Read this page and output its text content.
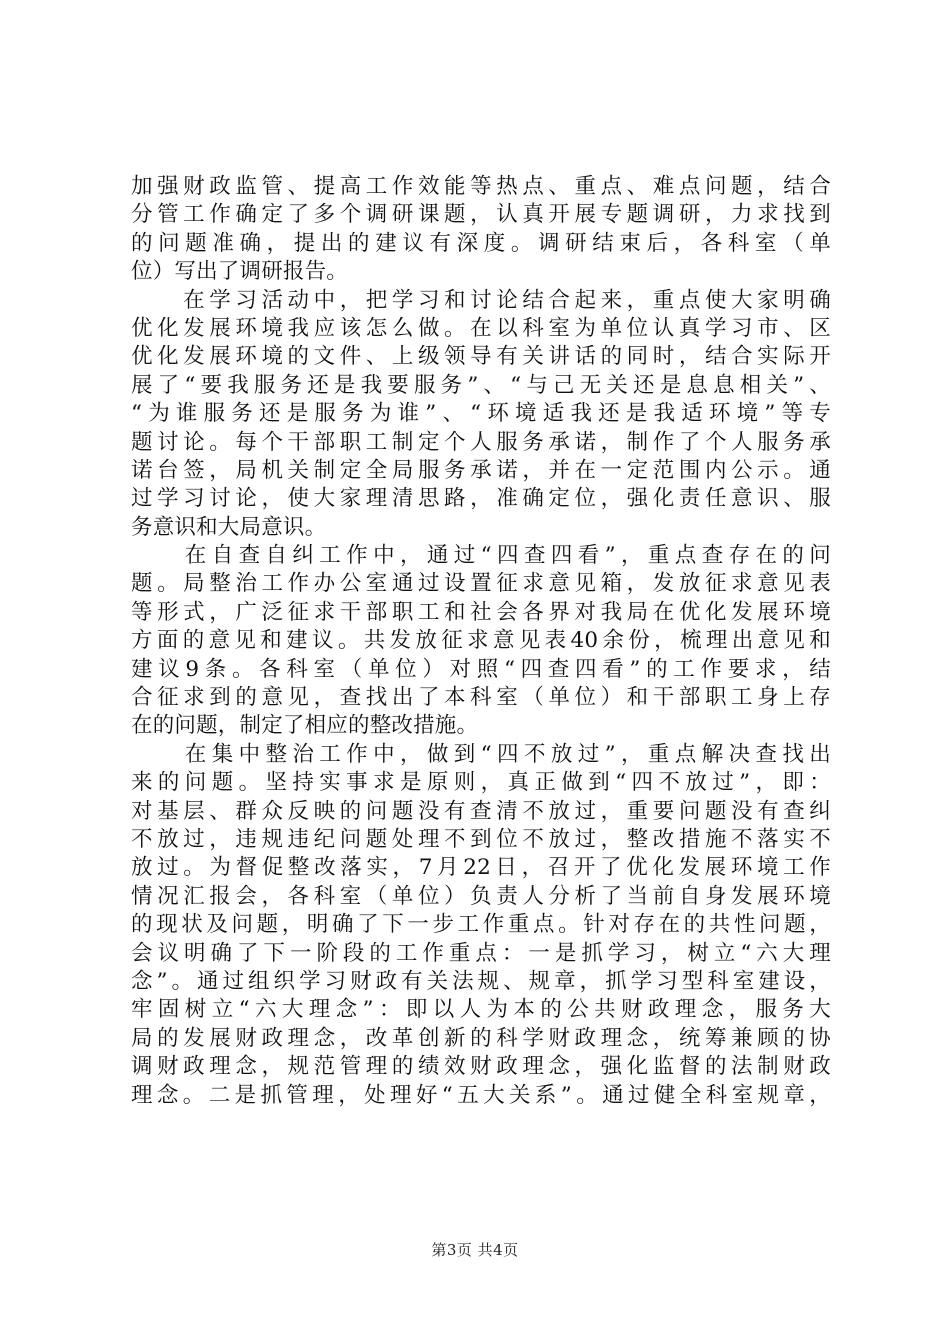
加强财政监管、提高工作效能等热点、重点、难点问题，结合
分管工作确定了多个调研课题，认真开展专题调研，力求找到
的问题准确，提出的建议有深度。调研结束后，各科室（单
位）写出了调研报告。
　　在学习活动中，把学习和讨论结合起来，重点使大家明确
优化发展环境我应该怎么做。在以科室为单位认真学习市、区
优化发展环境的文件、上级领导有关讲话的同时，结合实际开
展了“要我服务还是我要服务”、“与己无关还是息息相关”、
“为谁服务还是服务为谁”、“环境适我还是我适环境”等专
题讨论。每个干部职工制定个人服务承诺，制作了个人服务承
诺台签，局机关制定全局服务承诺，并在一定范围内公示。通
过学习讨论，使大家理清思路，准确定位，强化责任意识、服
务意识和大局意识。
　　在自查自纠工作中，通过“四查四看”，重点查存在的问
题。局整治工作办公室通过设置征求意见箱，发放征求意见表
等形式，广泛征求干部职工和社会各界对我局在优化发展环境
方面的意见和建议。共发放征求意见表40余份，梳理出意见和
建议9条。各科室（单位）对照“四查四看”的工作要求，结
合征求到的意见，查找出了本科室（单位）和干部职工身上存
在的问题，制定了相应的整改措施。
　　在集中整治工作中，做到“四不放过”，重点解决查找出
来的问题。坚持实事求是原则，真正做到“四不放过”，即：
对基层、群众反映的问题没有查清不放过，重要问题没有查纠
不放过，违规违纪问题处理不到位不放过，整改措施不落实不
放过。为督促整改落实，7月22日，召开了优化发展环境工作
情况汇报会，各科室（单位）负责人分析了当前自身发展环境
的现状及问题，明确了下一步工作重点。针对存在的共性问题，
会议明确了下一阶段的工作重点：一是抓学习，树立“六大理
念”。通过组织学习财政有关法规、规章，抓学习型科室建设，
牢固树立“六大理念”：即以人为本的公共财政理念，服务大
局的发展财政理念，改革创新的科学财政理念，统筹兼顾的协
调财政理念，规范管理的绩效财政理念，强化监督的法制财政
理念。二是抓管理，处理好“五大关系”。通过健全科室规章，
第3页 共4页
